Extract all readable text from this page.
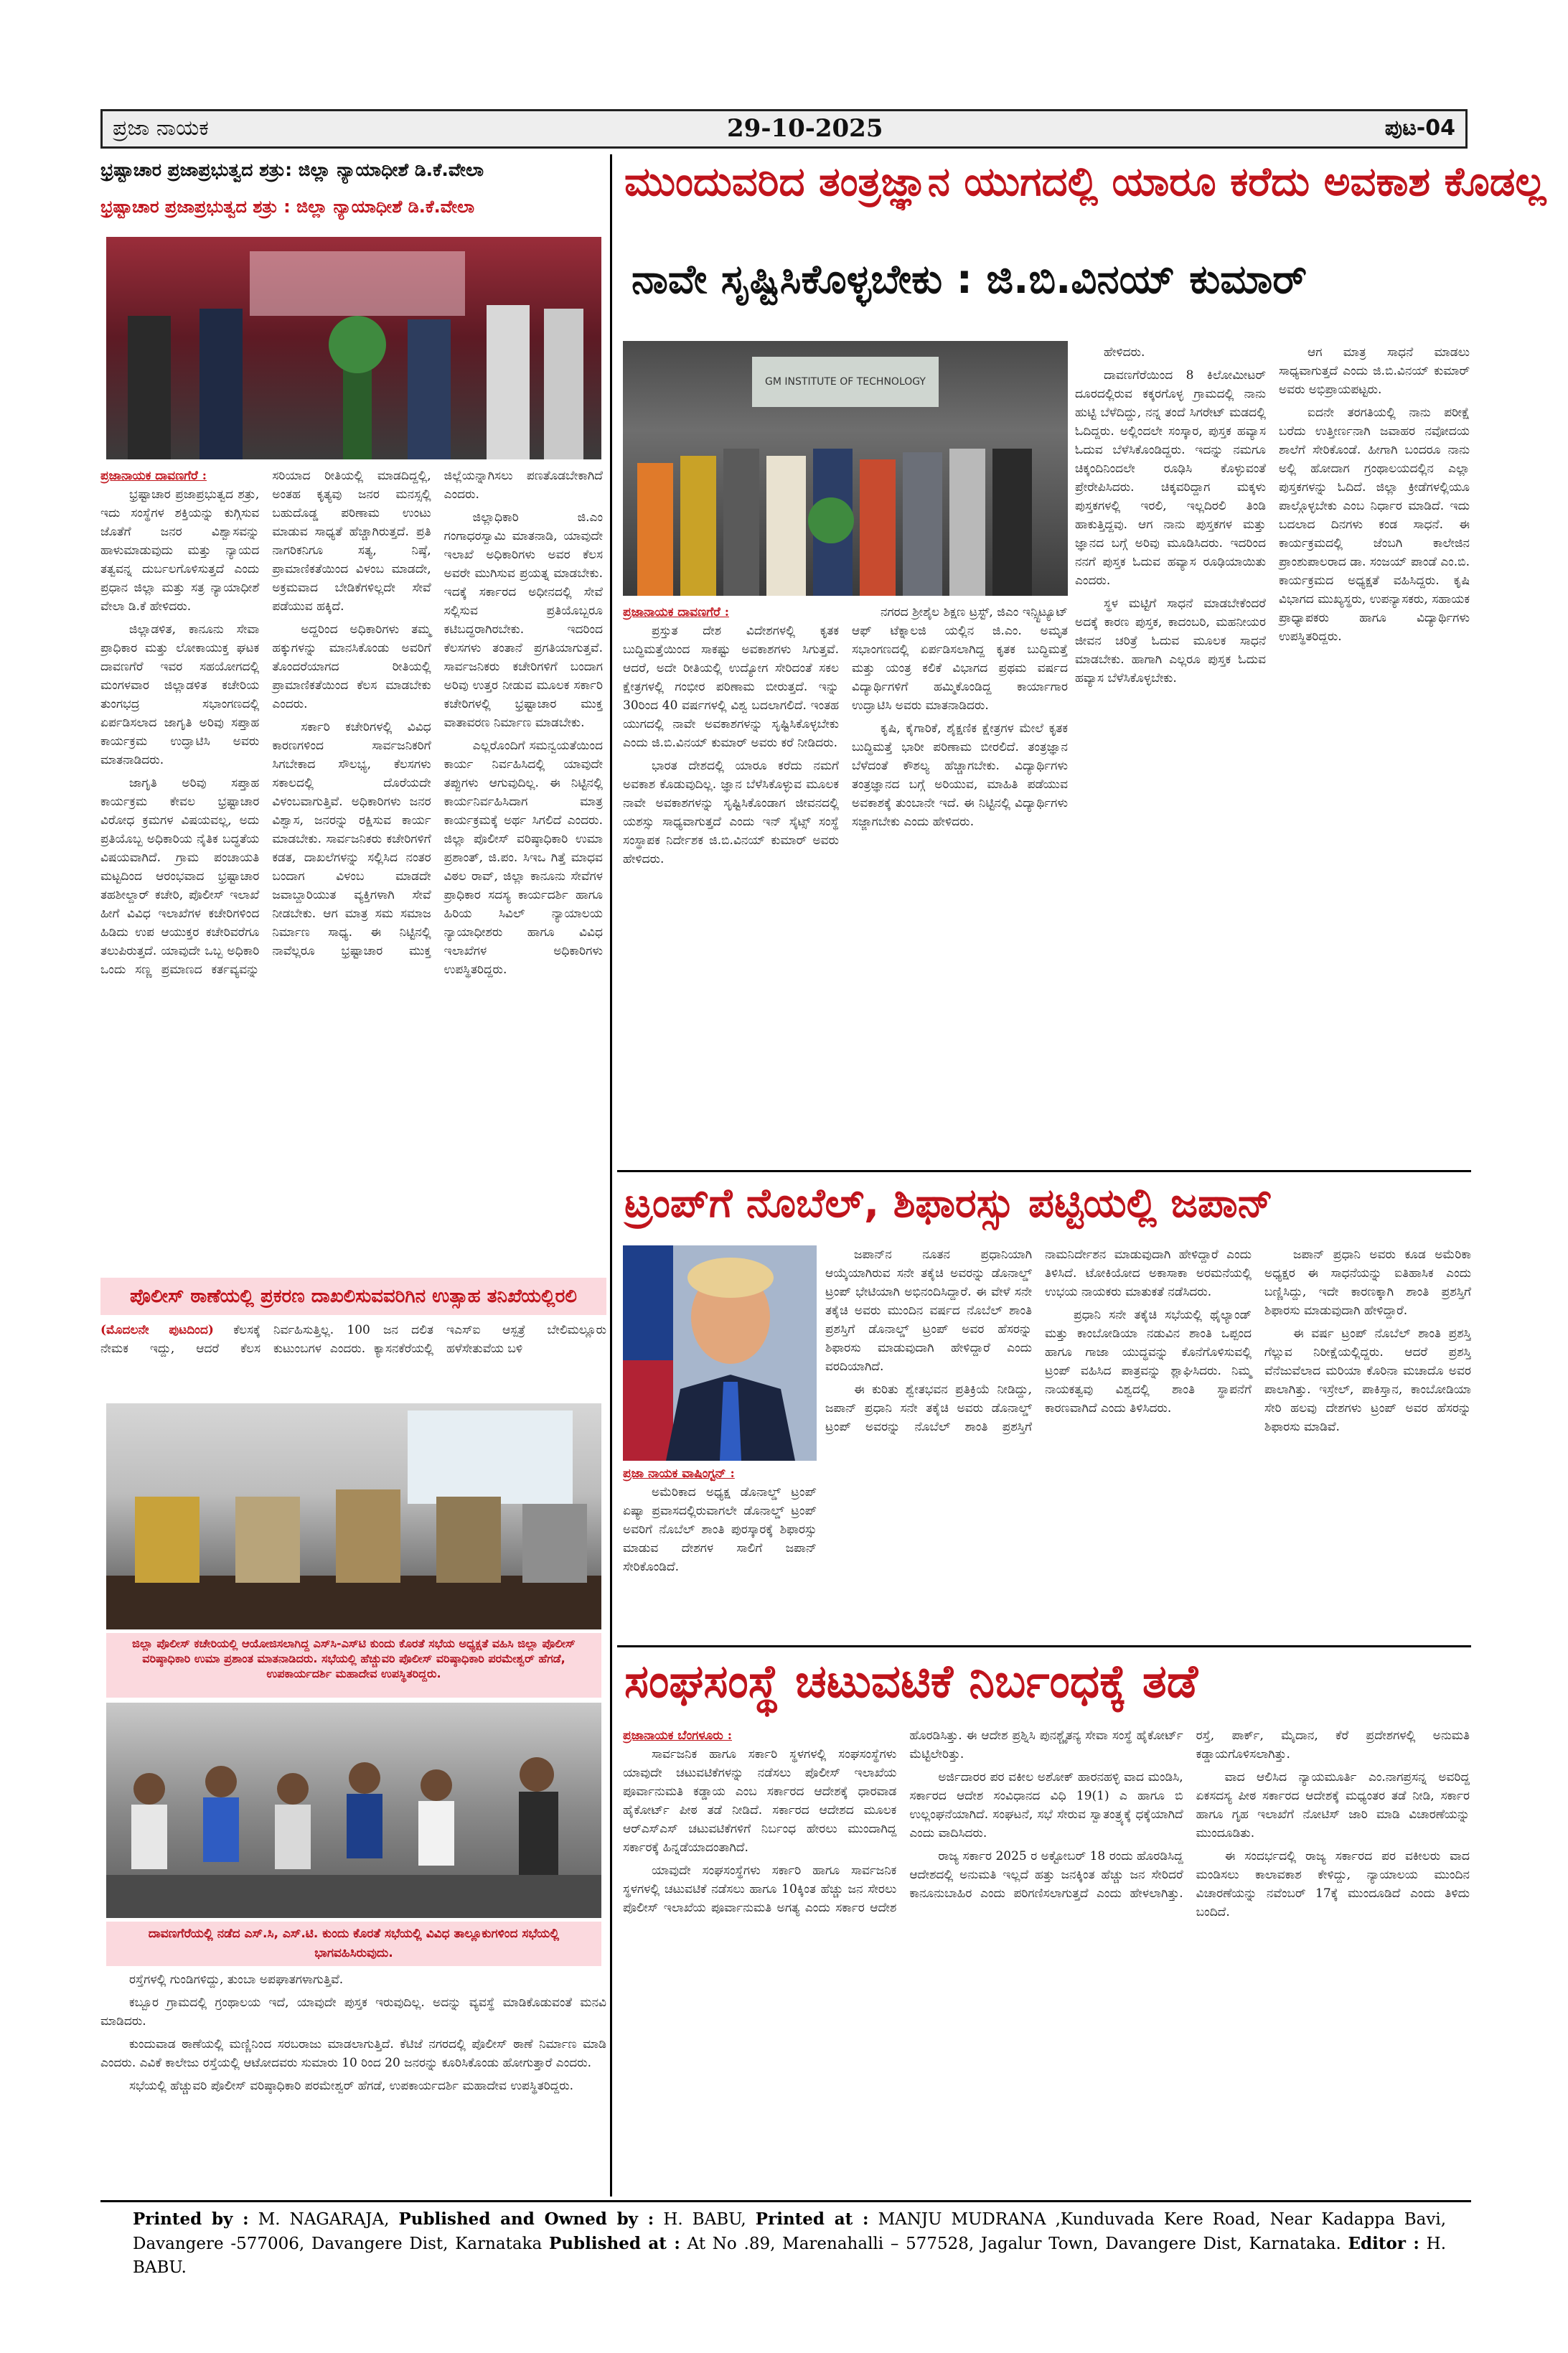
ಪ್ರಜಾ ನಾಯಕ	29-10-2025	ಪುಟ-04
ಭ್ರಷ್ಟಾಚಾರ ಪ್ರಜಾಪ್ರಭುತ್ವದ ಶತ್ರು: ಜಿಲ್ಲಾ ನ್ಯಾಯಾಧೀಶೆ ಡಿ.ಕೆ.ವೇಲಾ
ಭ್ರಷ್ಟಾಚಾರ ಪ್ರಜಾಪ್ರಭುತ್ವದ ಶತ್ರು : ಜಿಲ್ಲಾ ನ್ಯಾಯಾಧೀಶೆ ಡಿ.ಕೆ.ವೇಲಾ
ಪ್ರಜಾನಾಯಕ ದಾವಣಗೆರೆ :

ಭ್ರಷ್ಟಾಚಾರ ಪ್ರಜಾಪ್ರಭುತ್ವದ ಶತ್ರು, ಇದು ಸಂಸ್ಥೆಗಳ ಶಕ್ತಿಯನ್ನು ಕುಗ್ಗಿಸುವ ಜೊತೆಗೆ ಜನರ ವಿಶ್ವಾಸವನ್ನು ಹಾಳುಮಾಡುವುದು ಮತ್ತು ನ್ಯಾಯದ ತತ್ವವನ್ನ ದುರ್ಬಲಗೊಳಿಸುತ್ತದೆ ಎಂದು ಪ್ರಧಾನ ಜಿಲ್ಲಾ ಮತ್ತು ಸತ್ರ ನ್ಯಾಯಾಧೀಶೆ ವೇಲಾ ಡಿ.ಕೆ ಹೇಳಿದರು.

ಜಿಲ್ಲಾಡಳಿತ, ಕಾನೂನು ಸೇವಾ ಪ್ರಾಧಿಕಾರ ಮತ್ತು ಲೋಕಾಯುಕ್ತ ಘಟಕ ದಾವಣಗೆರೆ ಇವರ ಸಹಯೋಗದಲ್ಲಿ ಮಂಗಳವಾರ ಜಿಲ್ಲಾಡಳಿತ ಕಚೇರಿಯ ತುಂಗಭದ್ರ ಸಭಾಂಗಣದಲ್ಲಿ ಏರ್ಪಡಿಸಲಾದ ಜಾಗೃತಿ ಅರಿವು ಸಪ್ತಾಹ ಕಾರ್ಯಕ್ರಮ ಉದ್ಘಾಟಿಸಿ ಅವರು ಮಾತನಾಡಿದರು.

ಜಾಗೃತಿ ಅರಿವು ಸಪ್ತಾಹ ಕಾರ್ಯಕ್ರಮ ಕೇವಲ ಭ್ರಷ್ಟಾಚಾರ ವಿರೋಧ ಕ್ರಮಗಳ ವಿಷಯವಲ್ಲ, ಅದು ಪ್ರತಿಯೊಬ್ಬ ಅಧಿಕಾರಿಯ ನೈತಿಕ ಬದ್ಧತೆಯ ವಿಷಯವಾಗಿದೆ. ಗ್ರಾಮ ಪಂಚಾಯತಿ ಮಟ್ಟದಿಂದ ಆರಂಭವಾದ ಭ್ರಷ್ಟಾಚಾರ ತಹಶೀಲ್ದಾರ್ ಕಚೇರಿ, ಪೊಲೀಸ್ ಇಲಾಖೆ ಹೀಗೆ ವಿವಿಧ ಇಲಾಖೆಗಳ ಕಚೇರಿಗಳಿಂದ ಹಿಡಿದು ಉಪ ಆಯುಕ್ತರ ಕಚೇರಿವರೆಗೂ ತಲುಪಿರುತ್ತದೆ. ಯಾವುದೇ ಒಬ್ಬ ಅಧಿಕಾರಿ ಒಂದು ಸಣ್ಣ ಪ್ರಮಾಣದ ಕರ್ತವ್ಯವನ್ನು ಸರಿಯಾದ ರೀತಿಯಲ್ಲಿ ಮಾಡದಿದ್ದಲ್ಲಿ, ಅಂತಹ ಕೃತ್ಯವು ಜನರ ಮನಸ್ಸಲ್ಲಿ ಬಹುದೊಡ್ಡ ಪರಿಣಾಮ ಉಂಟು ಮಾಡುವ ಸಾಧ್ಯತೆ ಹೆಚ್ಚಾಗಿರುತ್ತದೆ. ಪ್ರತಿ ನಾಗರಿಕನಿಗೂ ಸತ್ಯ, ನಿಷ್ಠೆ, ಪ್ರಾಮಾಣಿಕತೆಯಿಂದ ವಿಳಂಬ ಮಾಡದೇ, ಅಕ್ರಮವಾದ ಬೇಡಿಕೆಗಳಿಲ್ಲದೇ ಸೇವೆ ಪಡೆಯುವ ಹಕ್ಕಿದೆ.

ಅದ್ದರಿಂದ ಅಧಿಕಾರಿಗಳು ತಮ್ಮ ಹಕ್ಕುಗಳನ್ನು ಮಾನಸಿಕೊಂಡು ಅವರಿಗೆ ತೊಂದರೆಯಾಗದ ರೀತಿಯಲ್ಲಿ ಪ್ರಾಮಾಣಿಕತೆಯಿಂದ ಕೆಲಸ ಮಾಡಬೇಕು ಎಂದರು.

ಸರ್ಕಾರಿ ಕಚೇರಿಗಳಲ್ಲಿ ವಿವಿಧ ಕಾರಣಗಳಿಂದ ಸಾರ್ವಜನಿಕರಿಗೆ ಸಿಗಬೇಕಾದ ಸೌಲಭ್ಯ, ಕೆಲಸಗಳು ಸಕಾಲದಲ್ಲಿ ದೊರೆಯದೇ ವಿಳಂಬವಾಗುತ್ತಿವೆ. ಅಧಿಕಾರಿಗಳು ಜನರ ವಿಶ್ವಾಸ, ಜನರನ್ನು ರಕ್ಷಿಸುವ ಕಾರ್ಯ ಮಾಡಬೇಕು. ಸಾರ್ವಜನಿಕರು ಕಚೇರಿಗಳಿಗೆ ಕಡತ, ದಾಖಲೆಗಳನ್ನು ಸಲ್ಲಿಸಿದ ನಂತರ ಬಂದಾಗ ವಿಳಂಬ ಮಾಡದೇ ಜವಾಬ್ದಾರಿಯುತ ವ್ಯಕ್ತಿಗಳಾಗಿ ಸೇವೆ ನೀಡಬೇಕು. ಆಗ ಮಾತ್ರ ಸಮ ಸಮಾಜ ನಿರ್ಮಾಣ ಸಾಧ್ಯ. ಈ ನಿಟ್ಟಿನಲ್ಲಿ ನಾವೆಲ್ಲರೂ ಭ್ರಷ್ಟಾಚಾರ ಮುಕ್ತ ಜಿಲ್ಲೆಯನ್ನಾಗಿಸಲು ಪಣತೊಡಬೇಕಾಗಿದೆ ಎಂದರು.

ಜಿಲ್ಲಾಧಿಕಾರಿ ಜಿ.ಎಂ ಗಂಗಾಧರಸ್ವಾಮಿ ಮಾತನಾಡಿ, ಯಾವುದೇ ಇಲಾಖೆ ಅಧಿಕಾರಿಗಳು ಅವರ ಕೆಲಸ ಅವರೇ ಮುಗಿಸುವ ಪ್ರಯತ್ನ ಮಾಡಬೇಕು. ಇದಕ್ಕೆ ಸರ್ಕಾರದ ಅಧೀನದಲ್ಲಿ ಸೇವೆ ಸಲ್ಲಿಸುವ ಪ್ರತಿಯೊಬ್ಬರೂ ಕಟಿಬದ್ಧರಾಗಿರಬೇಕು. ಇದರಿಂದ ಕೆಲಸಗಳು ತಂತಾನೆ ಪ್ರಗತಿಯಾಗುತ್ತವೆ. ಸಾರ್ವಜನಿಕರು ಕಚೇರಿಗಳಿಗೆ ಬಂದಾಗ ಅರಿವು ಉತ್ತರ ನೀಡುವ ಮೂಲಕ ಸರ್ಕಾರಿ ಕಚೇರಿಗಳಲ್ಲಿ ಭ್ರಷ್ಟಾಚಾರ ಮುಕ್ತ ವಾತಾವರಣ ನಿರ್ಮಾಣ ಮಾಡಬೇಕು.

ಎಲ್ಲರೊಂದಿಗೆ ಸಮನ್ವಯತೆಯಿಂದ ಕಾರ್ಯ ನಿರ್ವಹಿಸಿದಲ್ಲಿ ಯಾವುದೇ ತಪ್ಪುಗಳು ಆಗುವುದಿಲ್ಲ. ಈ ನಿಟ್ಟಿನಲ್ಲಿ ಕಾರ್ಯನಿರ್ವಹಿಸಿದಾಗ ಮಾತ್ರ ಕಾರ್ಯಕ್ರಮಕ್ಕೆ ಅರ್ಥ ಸಿಗಲಿದೆ ಎಂದರು. ಜಿಲ್ಲಾ ಪೊಲೀಸ್ ವರಿಷ್ಠಾಧಿಕಾರಿ ಉಮಾ ಪ್ರಶಾಂತ್, ಜಿ.ಪಂ. ಸಿಇಒ ಗಿತ್ತೆ ಮಾಧವ ವಿಠಲ ರಾವ್, ಜಿಲ್ಲಾ ಕಾನೂನು ಸೇವೆಗಳ ಪ್ರಾಧಿಕಾರ ಸದಸ್ಯ ಕಾರ್ಯದರ್ಶಿ ಹಾಗೂ ಹಿರಿಯ ಸಿವಿಲ್ ನ್ಯಾಯಾಲಯ ನ್ಯಾಯಾಧೀಶರು ಹಾಗೂ ವಿವಿಧ ಇಲಾಖೆಗಳ ಅಧಿಕಾರಿಗಳು ಉಪಸ್ಥಿತರಿದ್ದರು.

ಮುಂದುವರಿದ ತಂತ್ರಜ್ಞಾನ ಯುಗದಲ್ಲಿ ಯಾರೂ ಕರೆದು ಅವಕಾಶ ಕೊಡಲ್ಲ
ನಾವೇ ಸೃಷ್ಟಿಸಿಕೊಳ್ಳಬೇಕು : ಜಿ.ಬಿ.ವಿನಯ್ ಕುಮಾರ್
GM INSTITUTE OF TECHNOLOGY

ಹೇಳಿದರು.

ದಾವಣಗೆರೆಯಿಂದ 8 ಕಿಲೋಮೀಟರ್ ದೂರದಲ್ಲಿರುವ ಕಕ್ಕರಗೊಳ್ಳ ಗ್ರಾಮದಲ್ಲಿ ನಾನು ಹುಟ್ಟಿ ಬೆಳೆದಿದ್ದು, ನನ್ನ ತಂದೆ ಸಿಗರೇಟ್ ಮಡದಲ್ಲಿ ಓದಿದ್ದರು. ಅಲ್ಲಿಂದಲೇ ಸಂಸ್ಕಾರ, ಪುಸ್ತಕ ಹವ್ಯಾಸ ಓದುವ ಬೆಳೆಸಿಕೊಂಡಿದ್ದರು. ಇದನ್ನು ನಮಗೂ ಚಿಕ್ಕಂದಿನಿಂದಲೇ ರೂಢಿಸಿ ಕೊಳ್ಳುವಂತೆ ಪ್ರೇರೇಪಿಸಿದರು. ಚಿಕ್ಕವರಿದ್ದಾಗ ಮಕ್ಕಳು ಪುಸ್ತಕಗಳಲ್ಲಿ ಇರಲಿ, ಇಲ್ಲದಿರಲಿ ತಿಂಡಿ ಹಾಕುತ್ತಿದ್ದವು. ಆಗ ನಾನು ಪುಸ್ತಕಗಳ ಮತ್ತು ಜ್ಞಾನದ ಬಗ್ಗೆ ಅರಿವು ಮೂಡಿಸಿದರು. ಇದರಿಂದ ನನಗೆ ಪುಸ್ತಕ ಓದುವ ಹವ್ಯಾಸ ರೂಢಿಯಾಯಿತು ಎಂದರು.

ಸ್ಥಳ ಮಟ್ಟಿಗೆ ಸಾಧನೆ ಮಾಡಬೇಕೆಂದರೆ ಅದಕ್ಕೆ ಕಾರಣ ಪುಸ್ತಕ, ಕಾದಂಬರಿ, ಮಹನೀಯರ ಜೀವನ ಚರಿತ್ರೆ ಓದುವ ಮೂಲಕ ಸಾಧನೆ ಮಾಡಬೇಕು. ಹಾಗಾಗಿ ಎಲ್ಲರೂ ಪುಸ್ತಕ ಓದುವ ಹವ್ಯಾಸ ಬೆಳೆಸಿಕೊಳ್ಳಬೇಕು.

ಆಗ ಮಾತ್ರ ಸಾಧನೆ ಮಾಡಲು ಸಾಧ್ಯವಾಗುತ್ತದೆ ಎಂದು ಜಿ.ಬಿ.ವಿನಯ್ ಕುಮಾರ್ ಅವರು ಅಭಿಪ್ರಾಯಪಟ್ಟರು.

ಐದನೇ ತರಗತಿಯಲ್ಲಿ ನಾನು ಪರೀಕ್ಷೆ ಬರೆದು ಉತ್ತೀರ್ಣನಾಗಿ ಜವಾಹರ ನವೋದಯ ಶಾಲೆಗೆ ಸೇರಿಕೊಂಡೆ. ಹೀಗಾಗಿ ಬಂದರೂ ನಾನು ಅಲ್ಲಿ ಹೋದಾಗ ಗ್ರಂಥಾಲಯದಲ್ಲಿನ ಎಲ್ಲಾ ಪುಸ್ತಕಗಳನ್ನು ಓದಿದೆ. ಜಿಲ್ಲಾ ಕ್ರೀಡೆಗಳಲ್ಲಿಯೂ ಪಾಲ್ಗೊಳ್ಳಬೇಕು ಎಂಬ ನಿರ್ಧಾರ ಮಾಡಿದೆ. ಇದು ಬದಲಾದ ದಿನಗಳು ಕಂಡ ಸಾಧನೆ. ಈ ಕಾರ್ಯಕ್ರಮದಲ್ಲಿ ಜೆಂಬಗಿ ಕಾಲೇಜಿನ ಪ್ರಾಂಶುಪಾಲರಾದ ಡಾ. ಸಂಜಯ್ ಪಾಂಡೆ ಎಂ.ಬಿ. ಕಾರ್ಯಕ್ರಮದ ಅಧ್ಯಕ್ಷತೆ ವಹಿಸಿದ್ದರು. ಕೃಷಿ ವಿಭಾಗದ ಮುಖ್ಯಸ್ಥರು, ಉಪನ್ಯಾಸಕರು, ಸಹಾಯಕ ಪ್ರಾಧ್ಯಾಪಕರು ಹಾಗೂ ವಿದ್ಯಾರ್ಥಿಗಳು ಉಪಸ್ಥಿತರಿದ್ದರು.

ಪ್ರಜಾನಾಯಕ ದಾವಣಗೆರೆ :

ಪ್ರಸ್ತುತ ದೇಶ ವಿದೇಶಗಳಲ್ಲಿ ಕೃತಕ ಬುದ್ಧಿಮತ್ತೆಯಿಂದ ಸಾಕಷ್ಟು ಅವಕಾಶಗಳು ಸಿಗುತ್ತವೆ. ಆದರೆ, ಅದೇ ರೀತಿಯಲ್ಲಿ ಉದ್ಯೋಗ ಸೇರಿದಂತೆ ಸಕಲ ಕ್ಷೇತ್ರಗಳಲ್ಲಿ ಗಂಭೀರ ಪರಿಣಾಮ ಬೀರುತ್ತದೆ. ಇನ್ನು 30ರಿಂದ 40 ವರ್ಷಗಳಲ್ಲಿ ವಿಶ್ವ ಬದಲಾಗಲಿದೆ. ಇಂತಹ ಯುಗದಲ್ಲಿ ನಾವೇ ಅವಕಾಶಗಳನ್ನು ಸೃಷ್ಟಿಸಿಕೊಳ್ಳಬೇಕು ಎಂದು ಜಿ.ಬಿ.ವಿನಯ್ ಕುಮಾರ್ ಅವರು ಕರೆ ನೀಡಿದರು.

ಭಾರತ ದೇಶದಲ್ಲಿ ಯಾರೂ ಕರೆದು ನಮಗೆ ಅವಕಾಶ ಕೊಡುವುದಿಲ್ಲ. ಜ್ಞಾನ ಬೆಳೆಸಿಕೊಳ್ಳುವ ಮೂಲಕ ನಾವೇ ಅವಕಾಶಗಳನ್ನು ಸೃಷ್ಟಿಸಿಕೊಂಡಾಗ ಜೀವನದಲ್ಲಿ ಯಶಸ್ಸು ಸಾಧ್ಯವಾಗುತ್ತದೆ ಎಂದು ಇನ್ ಸೈಟ್ಸ್ ಸಂಸ್ಥೆ ಸಂಸ್ಥಾಪಕ ನಿರ್ದೇಶಕ ಜಿ.ಬಿ.ವಿನಯ್ ಕುಮಾರ್ ಅವರು ಹೇಳಿದರು.

ನಗರದ ಶ್ರೀಶೈಲ ಶಿಕ್ಷಣ ಟ್ರಸ್ಟ್, ಜಿಎಂ ಇನ್ಸ್ಟಿಟ್ಯೂಟ್ ಆಫ್ ಟೆಕ್ನಾಲಜಿ ಯಲ್ಲಿನ ಜಿ.ಎಂ. ಅಮೃತ ಸಭಾಂಗಣದಲ್ಲಿ ಏರ್ಪಡಿಸಲಾಗಿದ್ದ ಕೃತಕ ಬುದ್ಧಿಮತ್ತೆ ಮತ್ತು ಯಂತ್ರ ಕಲಿಕೆ ವಿಭಾಗದ ಪ್ರಥಮ ವರ್ಷದ ವಿದ್ಯಾರ್ಥಿಗಳಿಗೆ ಹಮ್ಮಿಕೊಂಡಿದ್ದ ಕಾರ್ಯಾಗಾರ ಉದ್ಘಾಟಿಸಿ ಅವರು ಮಾತನಾಡಿದರು.

ಕೃಷಿ, ಕೈಗಾರಿಕೆ, ಶೈಕ್ಷಣಿಕ ಕ್ಷೇತ್ರಗಳ ಮೇಲೆ ಕೃತಕ ಬುದ್ಧಿಮತ್ತೆ ಭಾರೀ ಪರಿಣಾಮ ಬೀರಲಿದೆ. ತಂತ್ರಜ್ಞಾನ ಬೆಳೆದಂತೆ ಕೌಶಲ್ಯ ಹೆಚ್ಚಾಗಬೇಕು. ವಿದ್ಯಾರ್ಥಿಗಳು ತಂತ್ರಜ್ಞಾನದ ಬಗ್ಗೆ ಅರಿಯುವ, ಮಾಹಿತಿ ಪಡೆಯುವ ಅವಕಾಶಕ್ಕೆ ತುಂಬಾನೇ ಇದೆ. ಈ ನಿಟ್ಟಿನಲ್ಲಿ ವಿದ್ಯಾರ್ಥಿಗಳು ಸಜ್ಜಾಗಬೇಕು ಎಂದು ಹೇಳಿದರು.

ಟ್ರಂಪ್‌ಗೆ ನೊಬೆಲ್, ಶಿಫಾರಸ್ಸು ಪಟ್ಟಿಯಲ್ಲಿ ಜಪಾನ್
ಪ್ರಜಾ ನಾಯಕ ವಾಷಿಂಗ್ಟನ್ :

ಅಮೆರಿಕಾದ ಅಧ್ಯಕ್ಷ ಡೊನಾಲ್ಡ್ ಟ್ರಂಪ್ ಏಷ್ಯಾ ಪ್ರವಾಸದಲ್ಲಿರುವಾಗಲೇ ಡೊನಾಲ್ಡ್ ಟ್ರಂಪ್ ಅವರಿಗೆ ನೊಬೆಲ್ ಶಾಂತಿ ಪುರಸ್ಕಾರಕ್ಕೆ ಶಿಫಾರಸ್ಸು ಮಾಡುವ ದೇಶಗಳ ಸಾಲಿಗೆ ಜಪಾನ್ ಸೇರಿಕೊಂಡಿದೆ.

ಜಪಾನ್‌ನ ನೂತನ ಪ್ರಧಾನಿಯಾಗಿ ಆಯ್ಕೆಯಾಗಿರುವ ಸನೇ ತಕೈಚಿ ಅವರನ್ನು ಡೊನಾಲ್ಡ್ ಟ್ರಂಪ್ ಭೇಟಿಯಾಗಿ ಅಭಿನಂದಿಸಿದ್ದಾರೆ. ಈ ವೇಳೆ ಸನೇ ತಕೈಚಿ ಅವರು ಮುಂದಿನ ವರ್ಷದ ನೊಬೆಲ್ ಶಾಂತಿ ಪ್ರಶಸ್ತಿಗೆ ಡೊನಾಲ್ಡ್ ಟ್ರಂಪ್ ಅವರ ಹೆಸರನ್ನು ಶಿಫಾರಸು ಮಾಡುವುದಾಗಿ ಹೇಳಿದ್ದಾರೆ ಎಂದು ವರದಿಯಾಗಿದೆ.

ಈ ಕುರಿತು ಶ್ವೇತಭವನ ಪ್ರತಿಕ್ರಿಯೆ ನೀಡಿದ್ದು, ಜಪಾನ್ ಪ್ರಧಾನಿ ಸನೇ ತಕೈಚಿ ಅವರು ಡೊನಾಲ್ಡ್ ಟ್ರಂಪ್ ಅವರನ್ನು ನೊಬೆಲ್ ಶಾಂತಿ ಪ್ರಶಸ್ತಿಗೆ ನಾಮನಿರ್ದೇಶನ ಮಾಡುವುದಾಗಿ ಹೇಳಿದ್ದಾರೆ ಎಂದು ತಿಳಿಸಿದೆ. ಟೋಕಿಯೋದ ಅಕಾಸಾಕಾ ಅರಮನೆಯಲ್ಲಿ ಉಭಯ ನಾಯಕರು ಮಾತುಕತೆ ನಡೆಸಿದರು.

ಪ್ರಧಾನಿ ಸನೇ ತಕೈಚಿ ಸಭೆಯಲ್ಲಿ ಥೈಲ್ಯಾಂಡ್ ಮತ್ತು ಕಾಂಬೋಡಿಯಾ ನಡುವಿನ ಶಾಂತಿ ಒಪ್ಪಂದ ಹಾಗೂ ಗಾಜಾ ಯುದ್ಧವನ್ನು ಕೊನೆಗೊಳಿಸುವಲ್ಲಿ ಟ್ರಂಪ್ ವಹಿಸಿದ ಪಾತ್ರವನ್ನು ಶ್ಲಾಘಿಸಿದರು. ನಿಮ್ಮ ನಾಯಕತ್ವವು ವಿಶ್ವದಲ್ಲಿ ಶಾಂತಿ ಸ್ಥಾಪನೆಗೆ ಕಾರಣವಾಗಿದೆ ಎಂದು ತಿಳಿಸಿದರು.

ಜಪಾನ್ ಪ್ರಧಾನಿ ಅವರು ಕೂಡ ಅಮೆರಿಕಾ ಅಧ್ಯಕ್ಷರ ಈ ಸಾಧನೆಯನ್ನು ಐತಿಹಾಸಿಕ ಎಂದು ಬಣ್ಣಿಸಿದ್ದು, ಇದೇ ಕಾರಣಕ್ಕಾಗಿ ಶಾಂತಿ ಪ್ರಶಸ್ತಿಗೆ ಶಿಫಾರಸು ಮಾಡುವುದಾಗಿ ಹೇಳಿದ್ದಾರೆ.

ಈ ವರ್ಷ ಟ್ರಂಪ್ ನೊಬೆಲ್ ಶಾಂತಿ ಪ್ರಶಸ್ತಿ ಗೆಲ್ಲುವ ನಿರೀಕ್ಷೆಯಲ್ಲಿದ್ದರು. ಆದರೆ ಪ್ರಶಸ್ತಿ ವೆನೆಜುವೆಲಾದ ಮರಿಯಾ ಕೊರಿನಾ ಮಚಾದೊ ಅವರ ಪಾಲಾಗಿತ್ತು. ಇಸ್ರೇಲ್, ಪಾಕಿಸ್ತಾನ, ಕಾಂಬೋಡಿಯಾ ಸೇರಿ ಹಲವು ದೇಶಗಳು ಟ್ರಂಪ್ ಅವರ ಹೆಸರನ್ನು ಶಿಫಾರಸು ಮಾಡಿವೆ.

ಸಂಘಸಂಸ್ಥೆ ಚಟುವಟಿಕೆ ನಿರ್ಬಂಧಕ್ಕೆ ತಡೆ
ಪ್ರಜಾನಾಯಕ ಬೆಂಗಳೂರು :

ಸಾರ್ವಜನಿಕ ಹಾಗೂ ಸರ್ಕಾರಿ ಸ್ಥಳಗಳಲ್ಲಿ ಸಂಘಸಂಸ್ಥೆಗಳು ಯಾವುದೇ ಚಟುವಟಿಕೆಗಳನ್ನು ನಡೆಸಲು ಪೊಲೀಸ್ ಇಲಾಖೆಯ ಪೂರ್ವಾನುಮತಿ ಕಡ್ಡಾಯ ಎಂಬ ಸರ್ಕಾರದ ಆದೇಶಕ್ಕೆ ಧಾರವಾಡ ಹೈಕೋರ್ಟ್ ಪೀಠ ತಡೆ ನೀಡಿದೆ. ಸರ್ಕಾರದ ಆದೇಶದ ಮೂಲಕ ಆರ್‌ಎಸ್‌ಎಸ್ ಚಟುವಟಿಕೆಗಳಿಗೆ ನಿರ್ಬಂಧ ಹೇರಲು ಮುಂದಾಗಿದ್ದ ಸರ್ಕಾರಕ್ಕೆ ಹಿನ್ನಡೆಯಾದಂತಾಗಿದೆ.

ಯಾವುದೇ ಸಂಘಸಂಸ್ಥೆಗಳು ಸರ್ಕಾರಿ ಹಾಗೂ ಸಾರ್ವಜನಿಕ ಸ್ಥಳಗಳಲ್ಲಿ ಚಟುವಟಿಕೆ ನಡೆಸಲು ಹಾಗೂ 10ಕ್ಕಿಂತ ಹೆಚ್ಚು ಜನ ಸೇರಲು ಪೊಲೀಸ್ ಇಲಾಖೆಯ ಪೂರ್ವಾನುಮತಿ ಅಗತ್ಯ ಎಂದು ಸರ್ಕಾರ ಆದೇಶ ಹೊರಡಿಸಿತ್ತು. ಈ ಆದೇಶ ಪ್ರಶ್ನಿಸಿ ಪುನಶ್ಚೈತನ್ಯ ಸೇವಾ ಸಂಸ್ಥೆ ಹೈಕೋರ್ಟ್ ಮೆಟ್ಟಿಲೇರಿತ್ತು.

ಅರ್ಜಿದಾರರ ಪರ ವಕೀಲ ಅಶೋಕ್ ಹಾರನಹಳ್ಳಿ ವಾದ ಮಂಡಿಸಿ, ಸರ್ಕಾರದ ಆದೇಶ ಸಂವಿಧಾನದ ವಿಧಿ 19(1) ಎ ಹಾಗೂ ಬಿ ಉಲ್ಲಂಘನೆಯಾಗಿದೆ. ಸಂಘಟನೆ, ಸಭೆ ಸೇರುವ ಸ್ವಾತಂತ್ರ್ಯಕ್ಕೆ ಧಕ್ಕೆಯಾಗಿದೆ ಎಂದು ವಾದಿಸಿದರು.

ರಾಜ್ಯ ಸರ್ಕಾರ 2025 ರ ಅಕ್ಟೋಬರ್ 18 ರಂದು ಹೊರಡಿಸಿದ್ದ ಆದೇಶದಲ್ಲಿ ಅನುಮತಿ ಇಲ್ಲದೆ ಹತ್ತು ಜನಕ್ಕಿಂತ ಹೆಚ್ಚು ಜನ ಸೇರಿದರೆ ಕಾನೂನುಬಾಹಿರ ಎಂದು ಪರಿಗಣಿಸಲಾಗುತ್ತದೆ ಎಂದು ಹೇಳಲಾಗಿತ್ತು. ರಸ್ತೆ, ಪಾರ್ಕ್, ಮೈದಾನ, ಕೆರೆ ಪ್ರದೇಶಗಳಲ್ಲಿ ಅನುಮತಿ ಕಡ್ಡಾಯಗೊಳಿಸಲಾಗಿತ್ತು.

ವಾದ ಆಲಿಸಿದ ನ್ಯಾಯಮೂರ್ತಿ ಎಂ.ನಾಗಪ್ರಸನ್ನ ಅವರಿದ್ದ ಏಕಸದಸ್ಯ ಪೀಠ ಸರ್ಕಾರದ ಆದೇಶಕ್ಕೆ ಮಧ್ಯಂತರ ತಡೆ ನೀಡಿ, ಸರ್ಕಾರ ಹಾಗೂ ಗೃಹ ಇಲಾಖೆಗೆ ನೋಟಿಸ್ ಜಾರಿ ಮಾಡಿ ವಿಚಾರಣೆಯನ್ನು ಮುಂದೂಡಿತು.

ಈ ಸಂದರ್ಭದಲ್ಲಿ ರಾಜ್ಯ ಸರ್ಕಾರದ ಪರ ವಕೀಲರು ವಾದ ಮಂಡಿಸಲು ಕಾಲಾವಕಾಶ ಕೇಳಿದ್ದು, ನ್ಯಾಯಾಲಯ ಮುಂದಿನ ವಿಚಾರಣೆಯನ್ನು ನವೆಂಬರ್ 17ಕ್ಕೆ ಮುಂದೂಡಿದೆ ಎಂದು ತಿಳಿದು ಬಂದಿದೆ.

ಪೊಲೀಸ್ ಠಾಣೆಯಲ್ಲಿ ಪ್ರಕರಣ ದಾಖಲಿಸುವವರಿಗಿನ ಉತ್ಸಾಹ ತನಿಖೆಯಲ್ಲಿರಲಿ
(ಮೊದಲನೇ ಪುಟದಿಂದ) ಕೆಲಸಕ್ಕೆ ನೇಮಕ ಇದ್ದು, ಆದರೆ ಕೆಲಸ ನಿರ್ವಹಿಸುತ್ತಿಲ್ಲ. 100 ಜನ ದಲಿತ ಕುಟುಂಬಗಳ ಎಂದರು. ಕ್ಯಾಸನಕೆರೆಯಲ್ಲಿ ಇಎಸ್‌ಐ ಆಸ್ಪತ್ರೆ ಬೇಲಿಮಲ್ಲೂರು ಹಳೆಸೇತುವೆಯ ಬಳಿ
ಜಿಲ್ಲಾ ಪೊಲೀಸ್ ಕಚೇರಿಯಲ್ಲಿ ಆಯೋಜಿಸಲಾಗಿದ್ದ ಎಸ್‌ಸಿ-ಎಸ್‌ಟಿ ಕುಂದು ಕೊರತೆ ಸಭೆಯ ಅಧ್ಯಕ್ಷತೆ ವಹಿಸಿ ಜಿಲ್ಲಾ ಪೊಲೀಸ್ ವರಿಷ್ಠಾಧಿಕಾರಿ ಉಮಾ ಪ್ರಶಾಂತ ಮಾತನಾಡಿದರು. ಸಭೆಯಲ್ಲಿ ಹೆಚ್ಚುವರಿ ಪೊಲೀಸ್ ವರಿಷ್ಠಾಧಿಕಾರಿ ಪರಮೇಶ್ವರ್ ಹೆಗಡೆ, ಉಪಕಾರ್ಯದರ್ಶಿ ಮಹಾದೇವ ಉಪಸ್ಥಿತರಿದ್ದರು.
ದಾವಣಗೆರೆಯಲ್ಲಿ ನಡೆದ ಎಸ್.ಸಿ, ಎಸ್.ಟಿ. ಕುಂದು ಕೊರತೆ ಸಭೆಯಲ್ಲಿ ವಿವಿಧ ತಾಲ್ಲೂಕುಗಳಿಂದ ಸಭೆಯಲ್ಲಿ ಭಾಗವಹಿಸಿರುವುದು.

ರಸ್ತೆಗಳಲ್ಲಿ ಗುಂಡಿಗಳಿದ್ದು, ತುಂಬಾ ಅಪಘಾತಗಳಾಗುತ್ತಿವೆ.

ಕಬ್ಬೂರ ಗ್ರಾಮದಲ್ಲಿ ಗ್ರಂಥಾಲಯ ಇದೆ, ಯಾವುದೇ ಪುಸ್ತಕ ಇರುವುದಿಲ್ಲ. ಅದನ್ನು ವ್ಯವಸ್ಥೆ ಮಾಡಿಕೊಡುವಂತೆ ಮನವಿ ಮಾಡಿದರು.

ಕುಂದುವಾಡ ಠಾಣೆಯಲ್ಲಿ ಮಣ್ಣಿನಿಂದ ಸರಬರಾಜು ಮಾಡಲಾಗುತ್ತಿದೆ. ಕೆಟಿಜೆ ನಗರದಲ್ಲಿ ಪೊಲೀಸ್ ಠಾಣೆ ನಿರ್ಮಾಣ ಮಾಡಿ ಎಂದರು. ಎವಿಕೆ ಕಾಲೇಜು ರಸ್ತೆಯಲ್ಲಿ ಆಟೋದವರು ಸುಮಾರು 10 ರಿಂದ 20 ಜನರನ್ನು ಕೂರಿಸಿಕೊಂಡು ಹೋಗುತ್ತಾರೆ ಎಂದರು.

ಸಭೆಯಲ್ಲಿ ಹೆಚ್ಚುವರಿ ಪೊಲೀಸ್ ವರಿಷ್ಠಾಧಿಕಾರಿ ಪರಮೇಶ್ವರ್ ಹೆಗಡೆ, ಉಪಕಾರ್ಯದರ್ಶಿ ಮಹಾದೇವ ಉಪಸ್ಥಿತರಿದ್ದರು.

Printed by : M. NAGARAJA, Published and Owned by : H. BABU, Printed at : MANJU MUDRANA ,Kunduvada Kere Road, Near Kadappa Bavi, Davangere -577006, Davangere Dist, Karnataka Published at : At No .89, Marenahalli – 577528, Jagalur Town, Davangere Dist, Karnataka. Editor : H. BABU.
